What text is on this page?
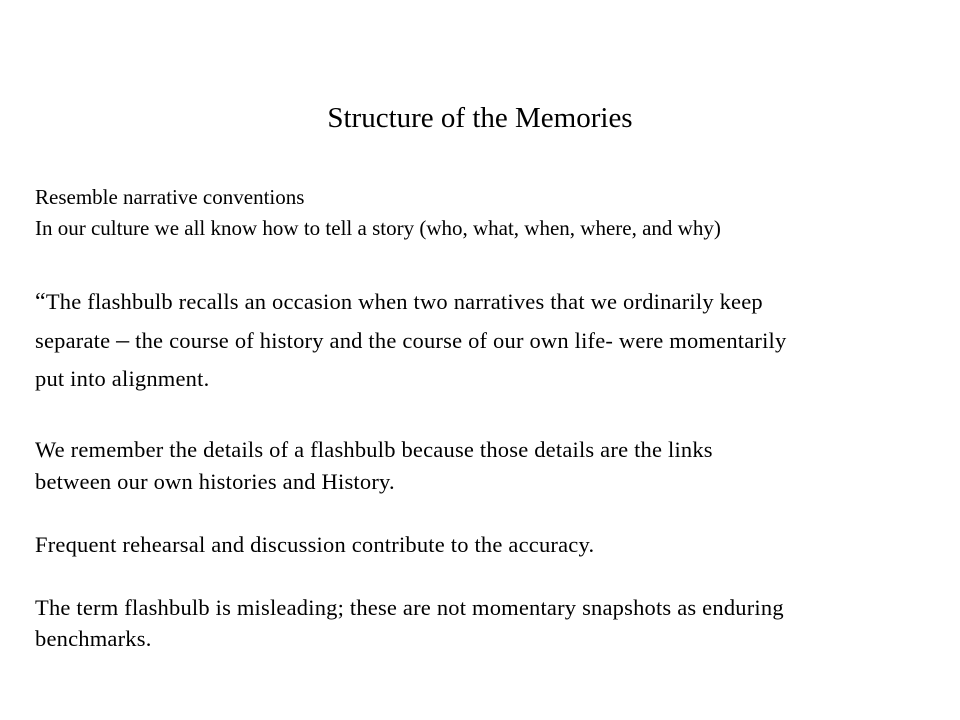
Structure of the Memories
Resemble narrative conventions
In our culture we all know how to tell a story (who, what, when, where, and why)
“The flashbulb recalls an occasion when two narratives that we ordinarily keep
separate – the course of history and the course of our own life- were momentarily
put into alignment.
We remember the details of a flashbulb because those details are the links
between our own histories and History.
Frequent rehearsal and discussion contribute to the accuracy.
The term flashbulb is misleading; these are not momentary snapshots as enduring
benchmarks.
